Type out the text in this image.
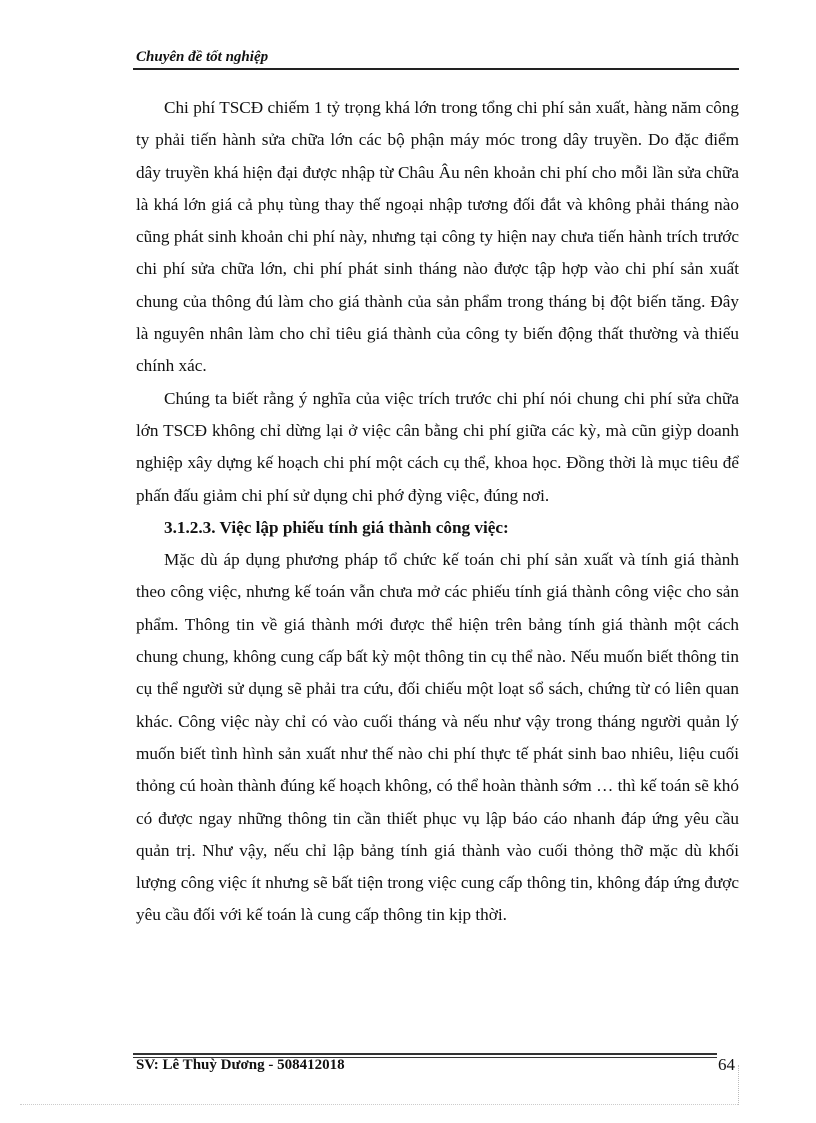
Chuyên đề tốt nghiệp

Chi phí TSCĐ chiếm 1 tỷ trọng khá lớn trong tổng chi phí sản xuất, hàng năm công ty phải tiến hành sửa chữa lớn các bộ phận máy móc trong dây truyền. Do đặc điểm dây truyền khá hiện đại được nhập từ Châu Âu nên khoản chi phí cho mỗi lần sửa chữa là khá lớn giá cả phụ tùng thay thế ngoại nhập tương đối đắt và không phải tháng nào cũng phát sinh khoản chi phí này, nhưng tại công ty hiện nay chưa tiến hành trích trước chi phí sửa chữa lớn, chi phí phát sinh tháng nào được tập hợp vào chi phí sản xuất chung của thông đú làm cho giá thành của sản phẩm trong tháng bị đột biến tăng. Đây là nguyên nhân làm cho chỉ tiêu giá thành của công ty biến động thất thường và thiếu chính xác.

Chúng ta biết rằng ý nghĩa của việc trích trước chi phí nói chung chi phí sửa chữa lớn TSCĐ không chỉ dừng lại ở việc cân bằng chi phí giữa các kỳ, mà cũn giỳp doanh nghiệp xây dựng kế hoạch chi phí một cách cụ thể, khoa học. Đồng thời là mục tiêu để phấn đấu giảm chi phí sử dụng chi phớ đỳng việc, đúng nơi.

3.1.2.3. Việc lập phiếu tính giá thành công việc:

Mặc dù áp dụng phương pháp tổ chức kế toán chi phí sản xuất và tính giá thành theo công việc, nhưng kế toán vẫn chưa mở các phiếu tính giá thành công việc cho sản phẩm. Thông tin về giá thành mới được thể hiện trên bảng tính giá thành một cách chung chung, không cung cấp bất kỳ một thông tin cụ thể nào. Nếu muốn biết thông tin cụ thể người sử dụng sẽ phải tra cứu, đối chiếu một loạt sổ sách, chứng từ có liên quan khác. Công việc này chỉ có vào cuối tháng và nếu như vậy trong tháng người quản lý muốn biết tình hình sản xuất như thế nào chi phí thực tế phát sinh bao nhiêu, liệu cuối thỏng cú hoàn thành đúng kế hoạch không, có thể hoàn thành sớm … thì kế toán sẽ khó có được ngay những thông tin cần thiết phục vụ lập báo cáo nhanh đáp ứng yêu cầu quản trị. Như vậy, nếu chỉ lập bảng tính giá thành vào cuối thỏng thỡ mặc dù khối lượng công việc ít nhưng sẽ bất tiện trong việc cung cấp thông tin, không đáp ứng được yêu cầu đối với kế toán là cung cấp thông tin kịp thời.

SV: Lê Thuỳ Dương - 508412018	64
